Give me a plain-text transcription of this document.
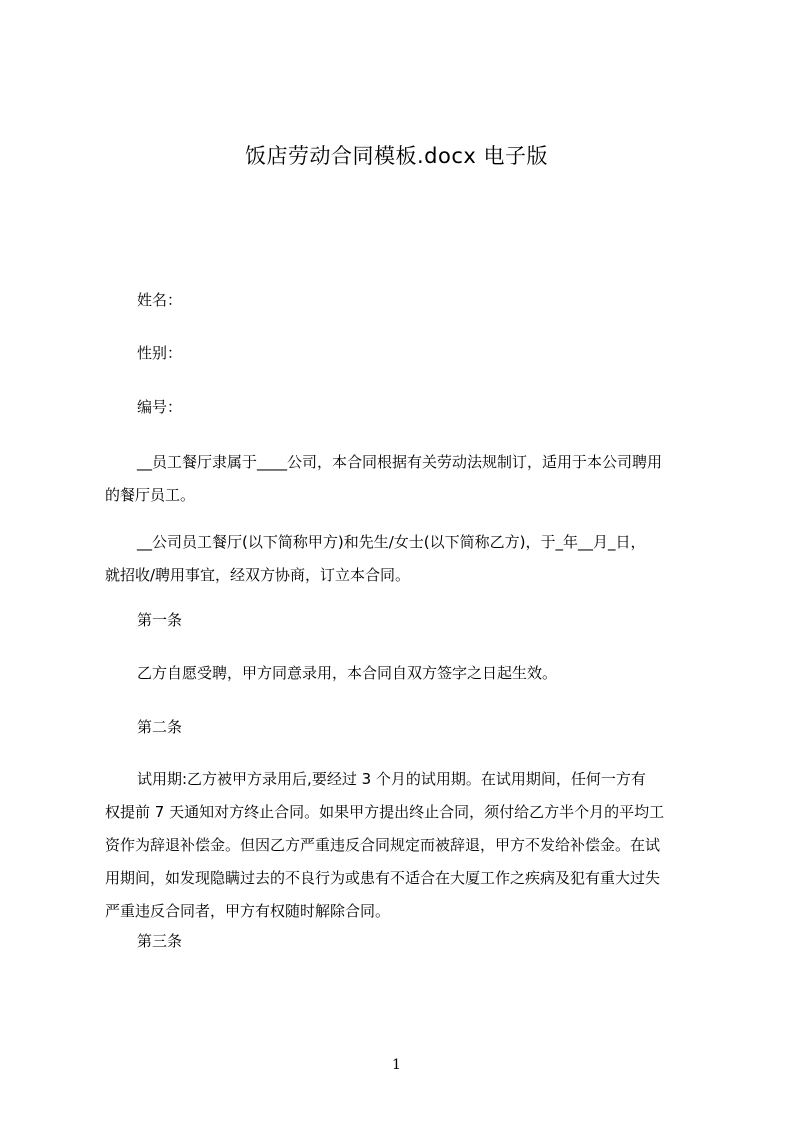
饭店劳动合同模板.docx 电子版

姓名：

性别：

编号：

__员工餐厅隶属于____公司，本合同根据有关劳动法规制订，适用于本公司聘用
的餐厅员工。
__公司员工餐厅(以下简称甲方)和先生/女士(以下简称乙方)，于_年__月_日，
就招收/聘用事宜，经双方协商，订立本合同。

第一条

乙方自愿受聘，甲方同意录用，本合同自双方签字之日起生效。

第二条

试用期:乙方被甲方录用后,要经过 3 个月的试用期。在试用期间，任何一方有
权提前 7 天通知对方终止合同。如果甲方提出终止合同，须付给乙方半个月的平均工
资作为辞退补偿金。但因乙方严重违反合同规定而被辞退，甲方不发给补偿金。在试
用期间，如发现隐瞒过去的不良行为或患有不适合在大厦工作之疾病及犯有重大过失
严重违反合同者，甲方有权随时解除合同。

第三条

1
